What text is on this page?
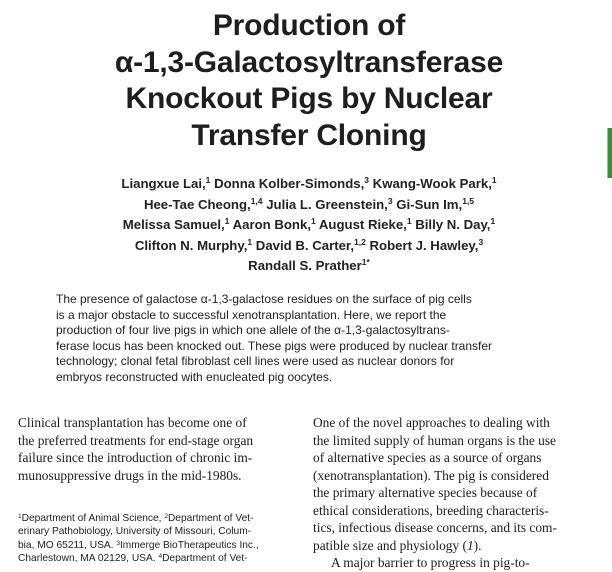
Production of
α-1,3-Galactosyltransferase
Knockout Pigs by Nuclear
Transfer Cloning
Liangxue Lai,$^1$ Donna Kolber-Simonds,$^3$ Kwang-Wook Park,$^1$
Hee-Tae Cheong,$^{1,4}$ Julia L. Greenstein,$^3$ Gi-Sun Im,$^{1,5}$
Melissa Samuel,$^1$ Aaron Bonk,$^1$ August Rieke,$^1$ Billy N. Day,$^1$
Clifton N. Murphy,$^1$ David B. Carter,$^{1,2}$ Robert J. Hawley,$^3$
Randall S. Prather$^{1*}$
The presence of galactose α-1,3-galactose residues on the surface of pig cells
is a major obstacle to successful xenotransplantation. Here, we report the
production of four live pigs in which one allele of the α-1,3-galactosyltrans-
ferase locus has been knocked out. These pigs were produced by nuclear transfer
technology; clonal fetal fibroblast cell lines were used as nuclear donors for
embryos reconstructed with enucleated pig oocytes.
Clinical transplantation has become one of
the preferred treatments for end-stage organ
failure since the introduction of chronic im-
munosuppressive drugs in the mid-1980s.
$^1$Department of Animal Science, $^2$Department of Vet-
erinary Pathobiology, University of Missouri, Colum-
bia, MO 65211, USA. $^3$Immerge BioTherapeutics Inc.,
Charlestown, MA 02129, USA. $^4$Department of Vet-
One of the novel approaches to dealing with
the limited supply of human organs is the use
of alternative species as a source of organs
(xenotransplantation). The pig is considered
the primary alternative species because of
ethical considerations, breeding characteris-
tics, infectious disease concerns, and its com-
patible size and physiology (1).
A major barrier to progress in pig-to-
